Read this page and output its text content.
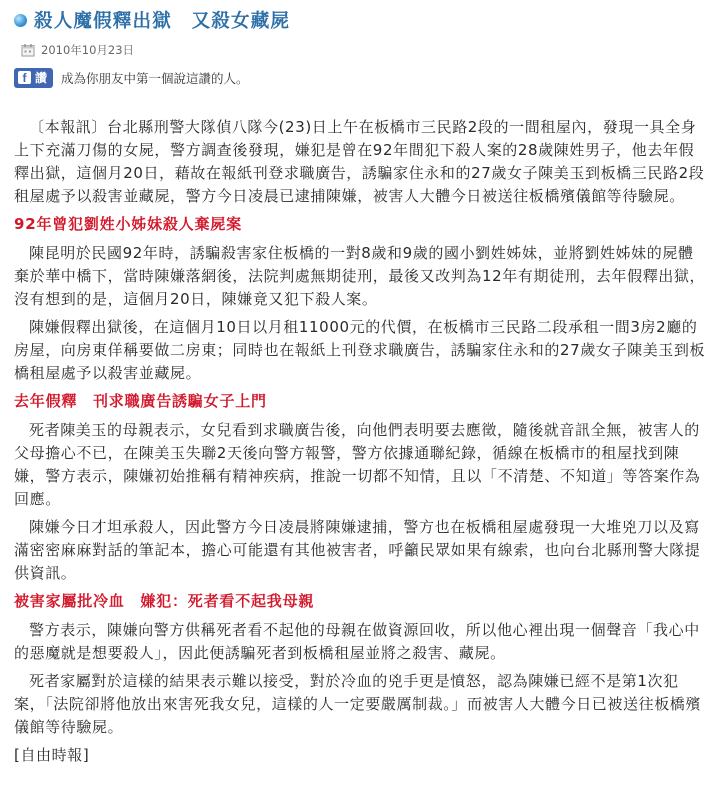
殺人魔假釋出獄　又殺女藏屍
2010年10月23日
f 讚 成為你朋友中第一個說這讚的人。

〔本報訊〕台北縣刑警大隊偵八隊今(23)日上午在板橋市三民路2段的一間租屋內，發現一具全身上下充滿刀傷的女屍，警方調查後發現，嫌犯是曾在92年間犯下殺人案的28歲陳姓男子，他去年假釋出獄，這個月20日，藉故在報紙刊登求職廣告，誘騙家住永和的27歲女子陳美玉到板橋三民路2段租屋處予以殺害並藏屍，警方今日凌晨已逮捕陳嫌，被害人大體今日被送往板橋殯儀館等待驗屍。

92年曾犯劉姓小姊妹殺人棄屍案

陳昆明於民國92年時，誘騙殺害家住板橋的一對8歲和9歲的國小劉姓姊妹，並將劉姓姊妹的屍體棄於華中橋下，當時陳嫌落網後，法院判處無期徒刑，最後又改判為12年有期徒刑，去年假釋出獄，沒有想到的是，這個月20日，陳嫌竟又犯下殺人案。

陳嫌假釋出獄後，在這個月10日以月租11000元的代價，在板橋市三民路二段承租一間3房2廳的房屋，向房東佯稱要做二房東；同時也在報紙上刊登求職廣告，誘騙家住永和的27歲女子陳美玉到板橋租屋處予以殺害並藏屍。

去年假釋　刊求職廣告誘騙女子上門

死者陳美玉的母親表示，女兒看到求職廣告後，向他們表明要去應徵，隨後就音訊全無，被害人的父母擔心不已，在陳美玉失聯2天後向警方報警，警方依據通聯紀錄，循線在板橋市的租屋找到陳嫌，警方表示，陳嫌初始推稱有精神疾病，推說一切都不知情，且以「不清楚、不知道」等答案作為回應。

陳嫌今日才坦承殺人，因此警方今日凌晨將陳嫌逮捕，警方也在板橋租屋處發現一大堆兇刀以及寫滿密密麻麻對話的筆記本，擔心可能還有其他被害者，呼籲民眾如果有線索，也向台北縣刑警大隊提供資訊。

被害家屬批冷血　嫌犯：死者看不起我母親

警方表示，陳嫌向警方供稱死者看不起他的母親在做資源回收，所以他心裡出現一個聲音「我心中的惡魔就是想要殺人」，因此便誘騙死者到板橋租屋並將之殺害、藏屍。

死者家屬對於這樣的結果表示難以接受，對於冷血的兇手更是憤怒，認為陳嫌已經不是第1次犯案，「法院卻將他放出來害死我女兒，這樣的人一定要嚴厲制裁。」而被害人大體今日已被送往板橋殯儀館等待驗屍。

[自由時報]
